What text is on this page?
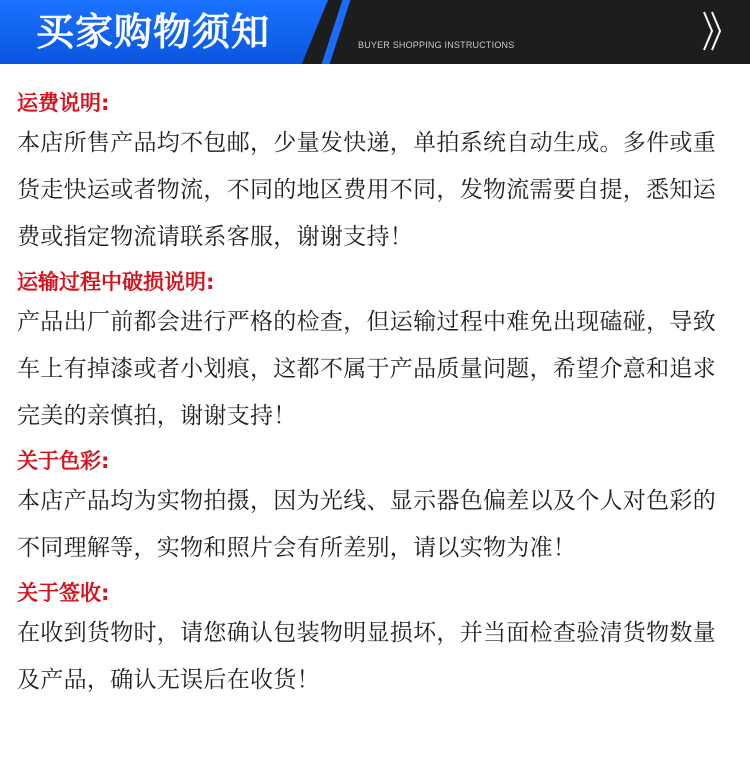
买家购物须知	BUYER SHOPPING INSTRUCTIONS

运费说明:

本店所售产品均不包邮，少量发快递，单拍系统自动生成。多件或重货走快运或者物流，不同的地区费用不同，发物流需要自提，悉知运费或指定物流请联系客服，谢谢支持！

运输过程中破损说明:

产品出厂前都会进行严格的检查，但运输过程中难免出现磕碰，导致车上有掉漆或者小划痕，这都不属于产品质量问题，希望介意和追求完美的亲慎拍，谢谢支持！

关于色彩:

本店产品均为实物拍摄，因为光线、显示器色偏差以及个人对色彩的不同理解等，实物和照片会有所差别，请以实物为准！

关于签收:

在收到货物时，请您确认包装物明显损坏，并当面检查验清货物数量及产品，确认无误后在收货！
